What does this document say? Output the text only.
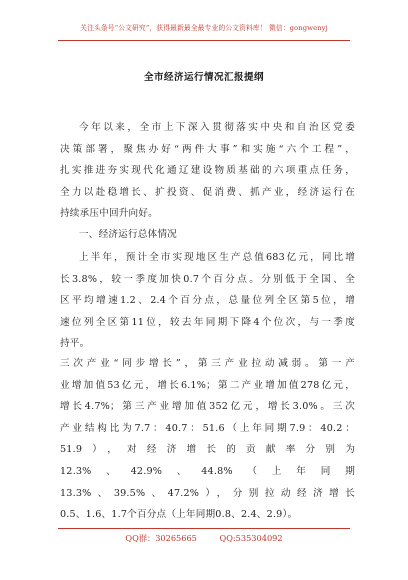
关注头条号“公文研究”，获得最新最全最专业的公文资料库！ 微信：gongwenyj
全市经济运行情况汇报提纲

今年以来，全市上下深入贯彻落实中央和自治区党委

决策部署，聚焦办好“两件大事”和实施“六个工程”，

扎实推进夯实现代化通辽建设物质基础的六项重点任务，

全力以赴稳增长、扩投资、促消费、抓产业，经济运行在

持续承压中回升向好。

一、经济运行总体情况

上半年，预计全市实现地区生产总值683亿元，同比增

长3.8%，较一季度加快0.7个百分点。分别低于全国、全

区平均增速1.2、2.4个百分点，总量位列全区第5位，增

速位列全区第11位，较去年同期下降4个位次，与一季度

持平。

三次产业“同步增长”，第三产业拉动减弱。第一产

业增加值53亿元，增长6.1%；第二产业增加值278亿元，

增长4.7%；第三产业增加值352亿元，增长3.0%。三次

产业结构比为7.7：40.7：51.6（上年同期7.9：40.2：

51.9），对经济增长的贡献率分别为

12.3%、42.9%、44.8%（上年同期

13.3%、39.5%、47.2%），分别拉动经济增长

0.5、1.6、1.7个百分点（上年同期0.8、2.4、2.9）。

QQ群：30265665	QQ:535304092
